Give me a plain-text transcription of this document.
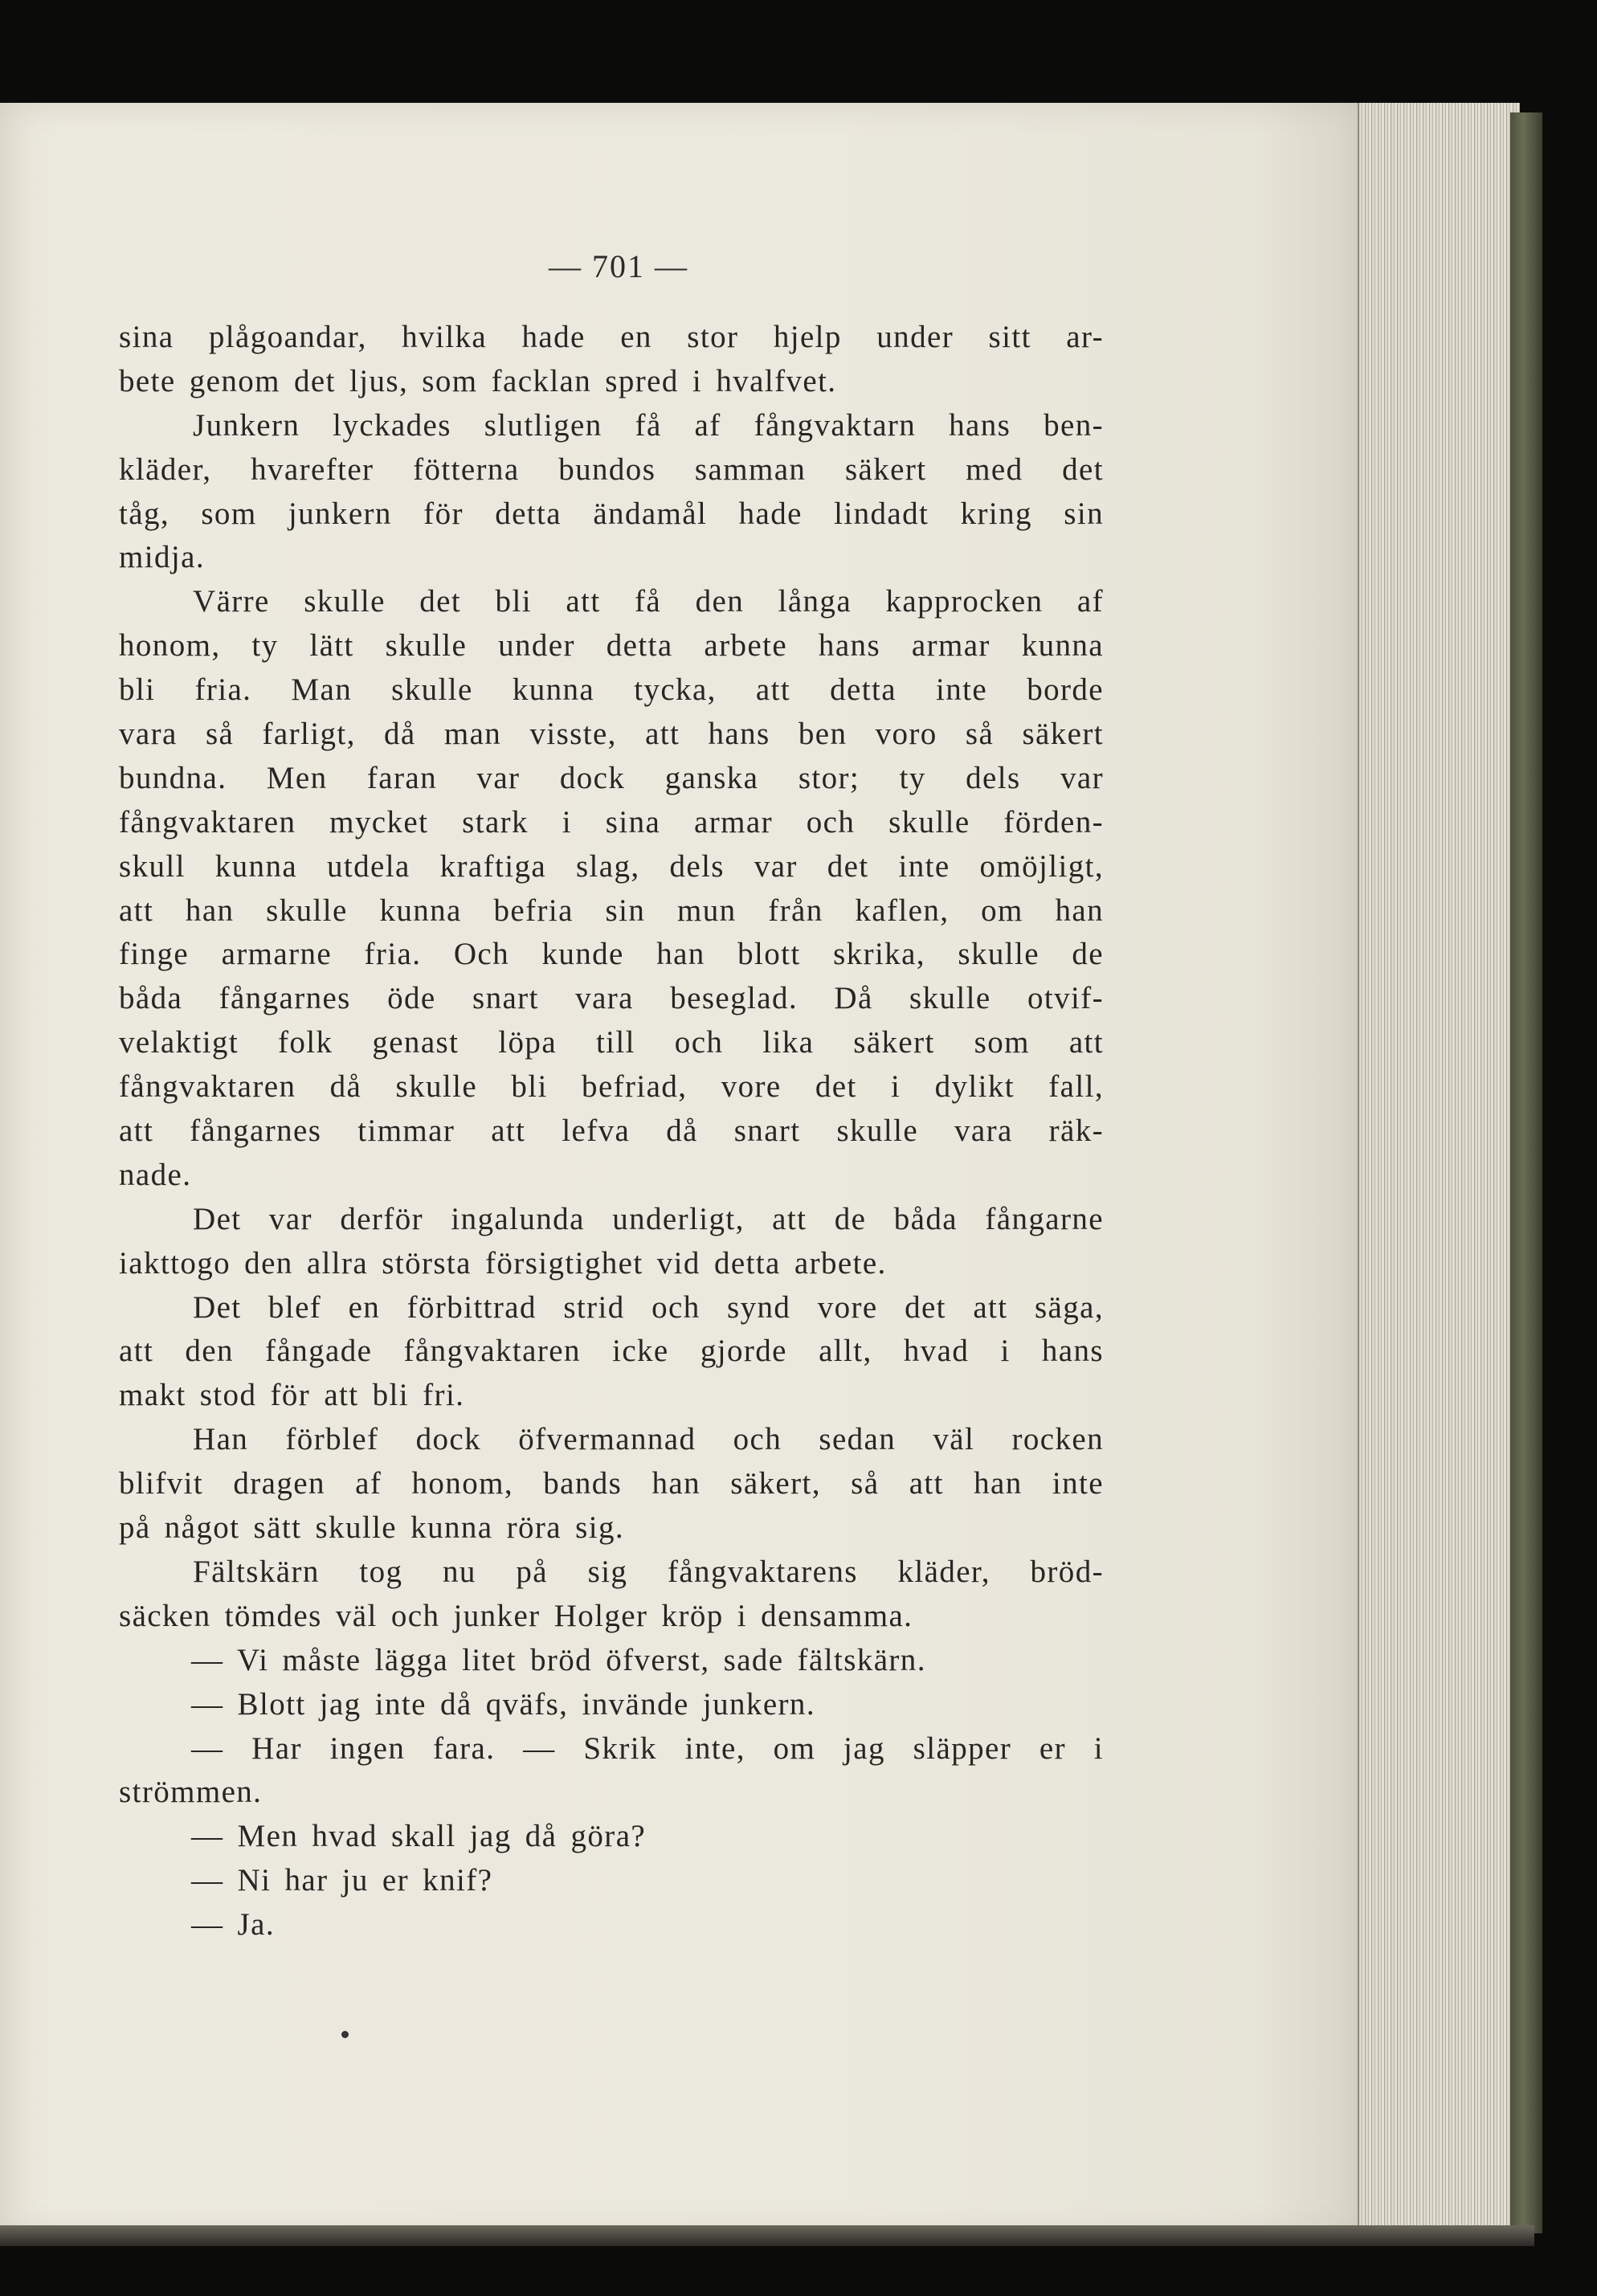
— 701 —

sina plågoandar, hvilka hade en stor hjelp under sitt ar-
bete genom det ljus, som facklan spred i hvalfvet.
Junkern lyckades slutligen få af fångvaktarn hans ben-
kläder, hvarefter fötterna bundos samman säkert med det
tåg, som junkern för detta ändamål hade lindadt kring sin
midja.
Värre skulle det bli att få den långa kapprocken af
honom, ty lätt skulle under detta arbete hans armar kunna
bli fria. Man skulle kunna tycka, att detta inte borde
vara så farligt, då man visste, att hans ben voro så säkert
bundna. Men faran var dock ganska stor; ty dels var
fångvaktaren mycket stark i sina armar och skulle förden-
skull kunna utdela kraftiga slag, dels var det inte omöjligt,
att han skulle kunna befria sin mun från kaflen, om han
finge armarne fria. Och kunde han blott skrika, skulle de
båda fångarnes öde snart vara beseglad. Då skulle otvif-
velaktigt folk genast löpa till och lika säkert som att
fångvaktaren då skulle bli befriad, vore det i dylikt fall,
att fångarnes timmar att lefva då snart skulle vara räk-
nade.
Det var derför ingalunda underligt, att de båda fångarne
iakttogo den allra största försigtighet vid detta arbete.
Det blef en förbittrad strid och synd vore det att säga,
att den fångade fångvaktaren icke gjorde allt, hvad i hans
makt stod för att bli fri.
Han förblef dock öfvermannad och sedan väl rocken
blifvit dragen af honom, bands han säkert, så att han inte
på något sätt skulle kunna röra sig.
Fältskärn tog nu på sig fångvaktarens kläder, bröd-
säcken tömdes väl och junker Holger kröp i densamma.
— Vi måste lägga litet bröd öfverst, sade fältskärn.
— Blott jag inte då qväfs, invände junkern.
— Har ingen fara. — Skrik inte, om jag släpper er i
strömmen.
— Men hvad skall jag då göra?
— Ni har ju er knif?
— Ja.
